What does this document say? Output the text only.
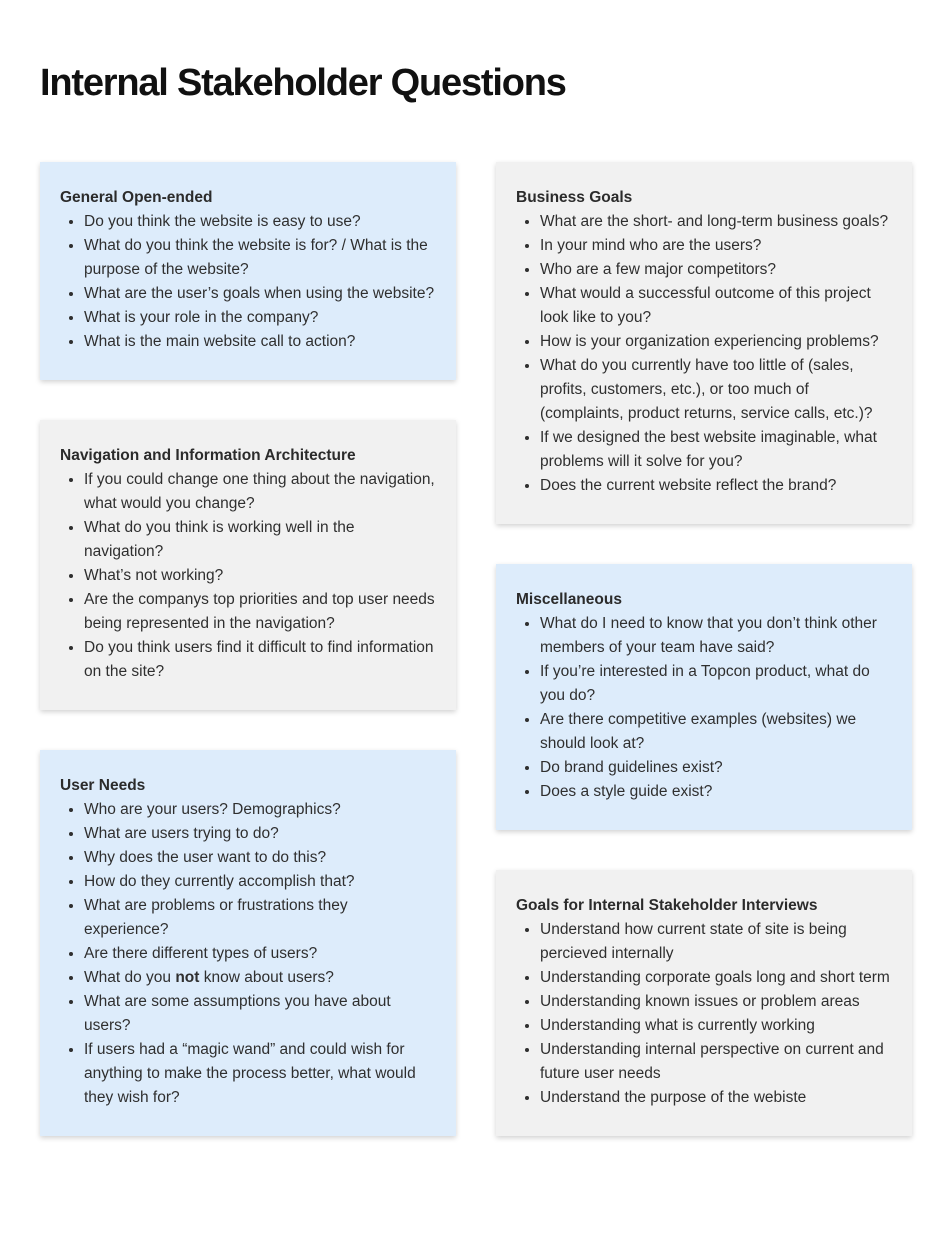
Internal Stakeholder Questions
General Open-ended
• Do you think the website is easy to use?
• What do you think the website is for? / What is the purpose of the website?
• What are the user’s goals when using the website?
• What is your role in the company?
• What is the main website call to action?
Navigation and Information Architecture
• If you could change one thing about the navigation, what would you change?
• What do you think is working well in the navigation?
• What’s not working?
• Are the companys top priorities and top user needs being represented in the navigation?
• Do you think users find it difficult to find information on the site?
User Needs
• Who are your users? Demographics?
• What are users trying to do?
• Why does the user want to do this?
• How do they currently accomplish that?
• What are problems or frustrations they experience?
• Are there different types of users?
• What do you not know about users?
• What are some assumptions you have about users?
• If users had a “magic wand” and could wish for anything to make the process better, what would they wish for?
Business Goals
• What are the short- and long-term business goals?
• In your mind who are the users?
• Who are a few major competitors?
• What would a successful outcome of this project look like to you?
• How is your organization experiencing problems?
• What do you currently have too little of (sales, profits, customers, etc.), or too much of (complaints, product returns, service calls, etc.)?
• If we designed the best website imaginable, what problems will it solve for you?
• Does the current website reflect the brand?
Miscellaneous
• What do I need to know that you don’t think other members of your team have said?
• If you’re interested in a Topcon product, what do you do?
• Are there competitive examples (websites) we should look at?
• Do brand guidelines exist?
• Does a style guide exist?
Goals for Internal Stakeholder Interviews
• Understand how current state of site is being percieved internally
• Understanding corporate goals long and short term
• Understanding known issues or problem areas
• Understanding what is currently working
• Understanding internal perspective on current and future user needs
• Understand the purpose of the webiste
